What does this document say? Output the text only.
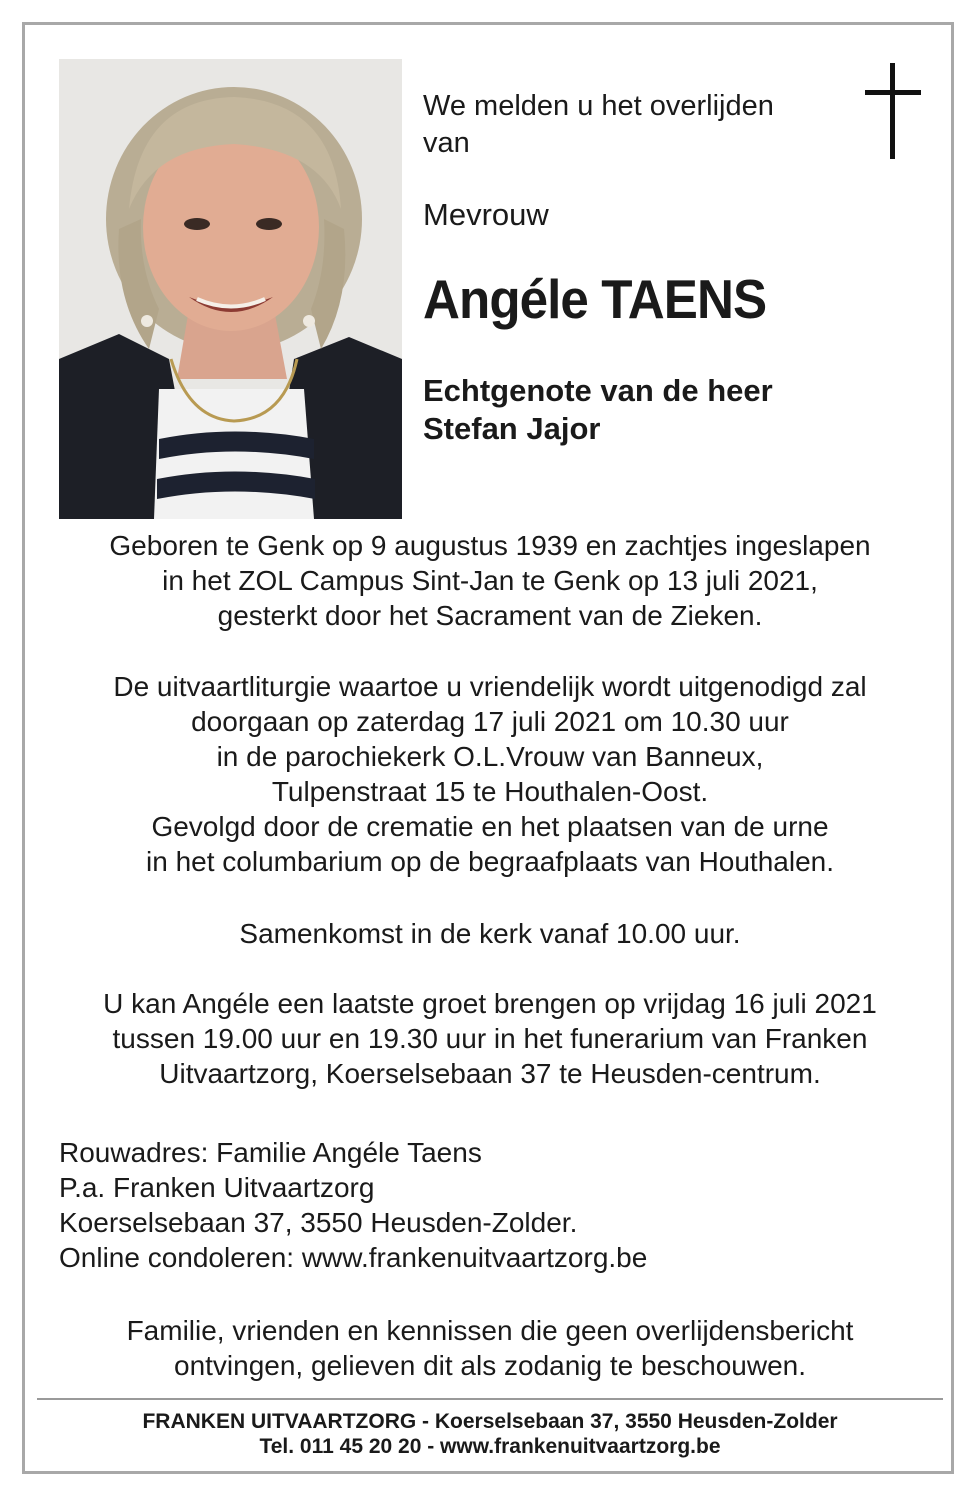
We melden u het overlijden
van
Mevrouw
Angéle TAENS
Echtgenote van de heer
Stefan Jajor
Geboren te Genk op 9 augustus 1939 en zachtjes ingeslapen
in het ZOL Campus Sint-Jan te Genk op 13 juli 2021,
gesterkt door het Sacrament van de Zieken.
De uitvaartliturgie waartoe u vriendelijk wordt uitgenodigd zal
doorgaan op zaterdag 17 juli 2021 om 10.30 uur
in de parochiekerk O.L.Vrouw van Banneux,
Tulpenstraat 15 te Houthalen-Oost.
Gevolgd door de crematie en het plaatsen van de urne
in het columbarium op de begraafplaats van Houthalen.
Samenkomst in de kerk vanaf 10.00 uur.
U kan Angéle een laatste groet brengen op vrijdag 16 juli 2021
tussen 19.00 uur en 19.30 uur in het funerarium van Franken
Uitvaartzorg, Koerselsebaan 37 te Heusden-centrum.
Rouwadres: Familie Angéle Taens
P.a. Franken Uitvaartzorg
Koerselsebaan 37, 3550 Heusden-Zolder.
Online condoleren: www.frankenuitvaartzorg.be
Familie, vrienden en kennissen die geen overlijdensbericht
ontvingen, gelieven dit als zodanig te beschouwen.
FRANKEN UITVAARTZORG - Koerselsebaan 37, 3550 Heusden-Zolder
Tel. 011 45 20 20 - www.frankenuitvaartzorg.be
